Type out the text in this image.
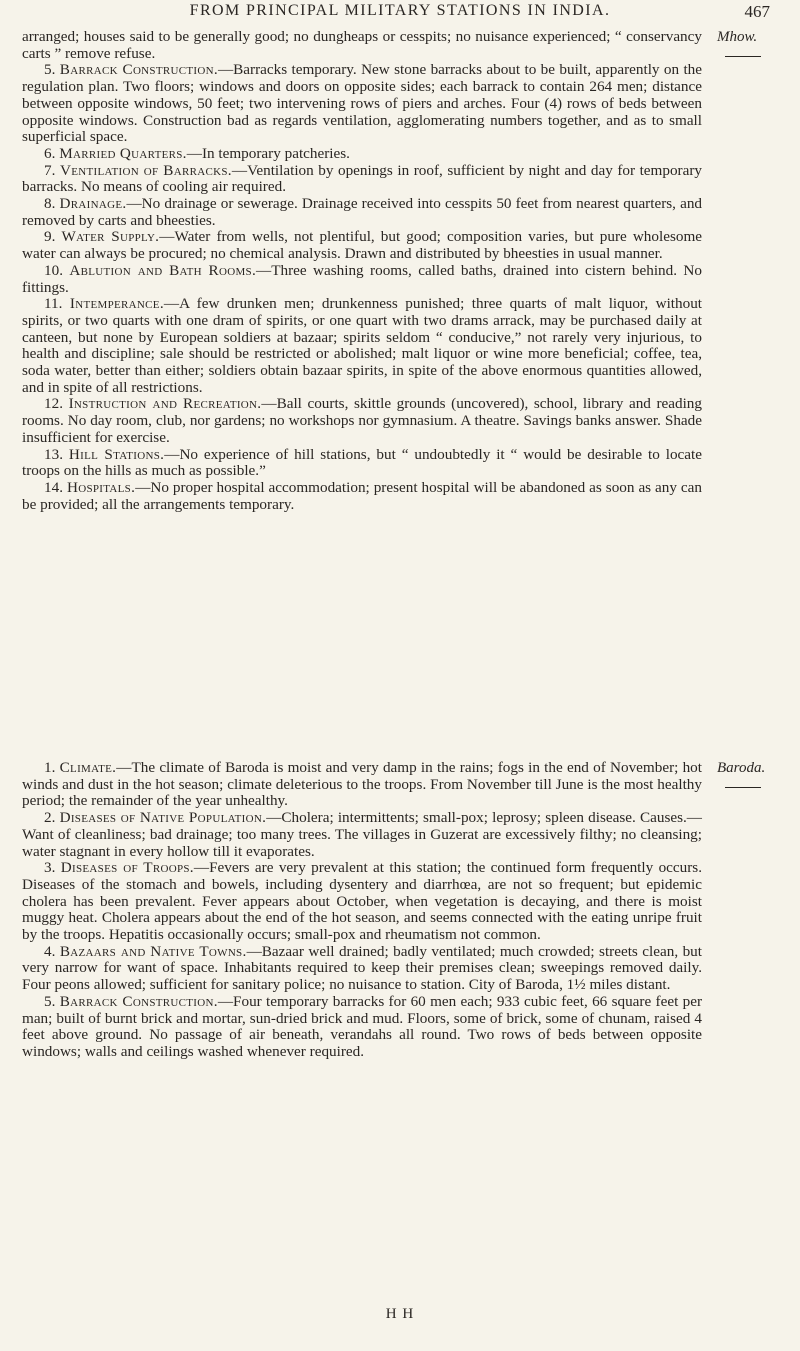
FROM PRINCIPAL MILITARY STATIONS IN INDIA.	467

arranged; houses said to be generally good; no dungheaps or cesspits; no nuisance experienced; “ conservancy carts ” remove refuse.

5. Barrack Construction.—Barracks temporary. New stone barracks about to be built, apparently on the regulation plan. Two floors; windows and doors on opposite sides; each barrack to contain 264 men; distance between opposite windows, 50 feet; two intervening rows of piers and arches. Four (4) rows of beds between opposite windows. Construction bad as regards ventilation, agglomerating numbers together, and as to small superficial space.

6. Married Quarters.—In temporary patcheries.

7. Ventilation of Barracks.—Ventilation by openings in roof, sufficient by night and day for temporary barracks. No means of cooling air required.

8. Drainage.—No drainage or sewerage. Drainage received into cesspits 50 feet from nearest quarters, and removed by carts and bheesties.

9. Water Supply.—Water from wells, not plentiful, but good; composition varies, but pure wholesome water can always be procured; no chemical analysis. Drawn and distributed by bheesties in usual manner.

10. Ablution and Bath Rooms.—Three washing rooms, called baths, drained into cistern behind. No fittings.

11. Intemperance.—A few drunken men; drunkenness punished; three quarts of malt liquor, without spirits, or two quarts with one dram of spirits, or one quart with two drams arrack, may be purchased daily at canteen, but none by European soldiers at bazaar; spirits seldom “ conducive,” not rarely very injurious, to health and discipline; sale should be restricted or abolished; malt liquor or wine more beneficial; coffee, tea, soda water, better than either; soldiers obtain bazaar spirits, in spite of the above enormous quantities allowed, and in spite of all restrictions.

12. Instruction and Recreation.—Ball courts, skittle grounds (uncovered), school, library and reading rooms. No day room, club, nor gardens; no workshops nor gymnasium. A theatre. Savings banks answer. Shade insufficient for exercise.

13. Hill Stations.—No experience of hill stations, but “ undoubtedly it “ would be desirable to locate troops on the hills as much as possible.”

14. Hospitals.—No proper hospital accommodation; present hospital will be abandoned as soon as any can be provided; all the arrangements temporary.

Mhow.

1. Climate.—The climate of Baroda is moist and very damp in the rains; fogs in the end of November; hot winds and dust in the hot season; climate deleterious to the troops. From November till June is the most healthy period; the remainder of the year unhealthy.

2. Diseases of Native Population.—Cholera; intermittents; small-pox; leprosy; spleen disease. Causes.—Want of cleanliness; bad drainage; too many trees. The villages in Guzerat are excessively filthy; no cleansing; water stagnant in every hollow till it evaporates.

3. Diseases of Troops.—Fevers are very prevalent at this station; the continued form frequently occurs. Diseases of the stomach and bowels, including dysentery and diarrhœa, are not so frequent; but epidemic cholera has been prevalent. Fever appears about October, when vegetation is decaying, and there is moist muggy heat. Cholera appears about the end of the hot season, and seems connected with the eating unripe fruit by the troops. Hepatitis occasionally occurs; small-pox and rheumatism not common.

4. Bazaars and Native Towns.—Bazaar well drained; badly ventilated; much crowded; streets clean, but very narrow for want of space. Inhabitants required to keep their premises clean; sweepings removed daily. Four peons allowed; sufficient for sanitary police; no nuisance to station. City of Baroda, 1½ miles distant.

5. Barrack Construction.—Four temporary barracks for 60 men each; 933 cubic feet, 66 square feet per man; built of burnt brick and mortar, sun-dried brick and mud. Floors, some of brick, some of chunam, raised 4 feet above ground. No passage of air beneath, verandahs all round. Two rows of beds between opposite windows; walls and ceilings washed whenever required.

Baroda.
H H
